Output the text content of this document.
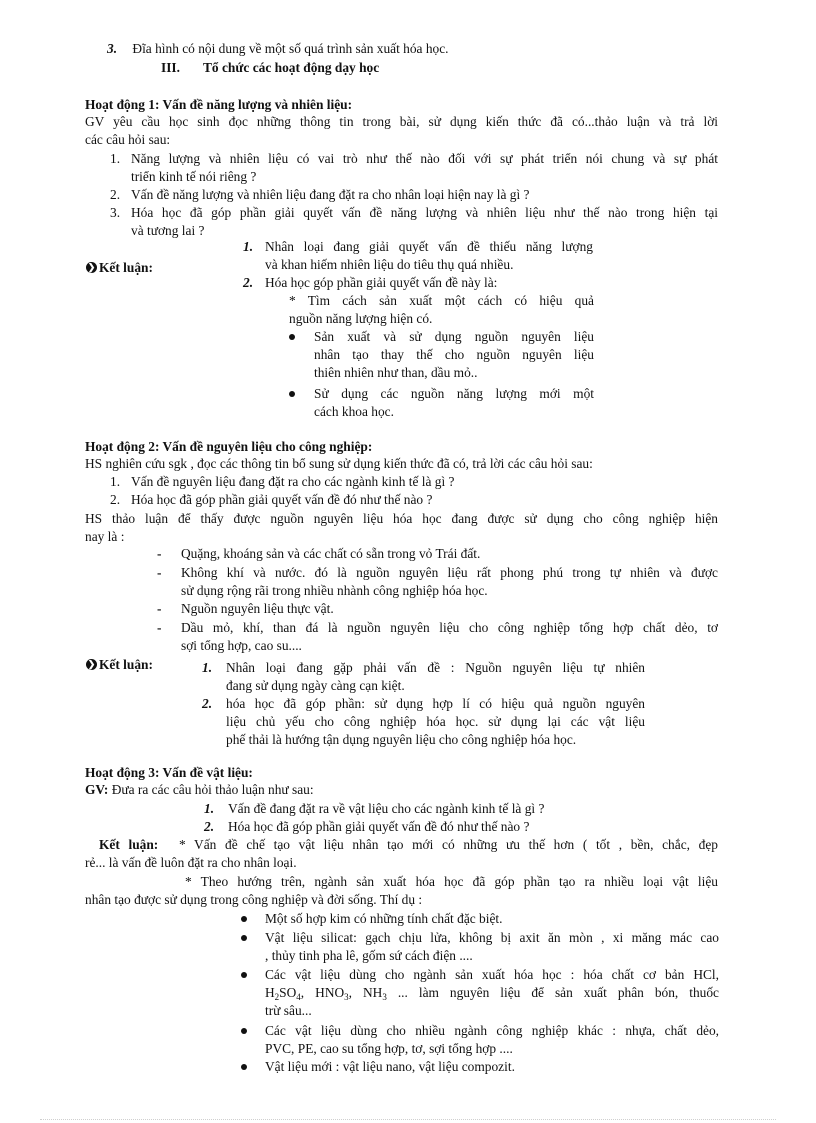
3. Đĩa hình có nội dung về một số quá trình sản xuất hóa học.
III. Tổ chức các hoạt động dạy học
Hoạt động 1: Vấn đề năng lượng và nhiên liệu:
GV yêu cầu học sinh đọc những thông tin trong bài, sử dụng kiến thức đã có...thảo luận và trả lời
các câu hỏi sau:
1. Năng lượng và nhiên liệu có vai trò như thế nào đối với sự phát triển nói chung và sự phát
triển kinh tế nói riêng ?
2. Vấn đề năng lượng và nhiên liệu đang đặt ra cho nhân loại hiện nay là gì ?
3. Hóa học đã góp phần giải quyết vấn đề năng lượng và nhiên liệu như thế nào trong hiện tại
và tương lai ?
❯ Kết luận:
1. Nhân loại đang giải quyết vấn đề thiếu năng lượng
và khan hiếm nhiên liệu do tiêu thụ quá nhiều.
2. Hóa học góp phần giải quyết vấn đề này là:
* Tìm cách sản xuất một cách có hiệu quả
nguồn năng lượng hiện có.
Sản xuất và sử dụng nguồn nguyên liệu
nhân tạo thay thế cho nguồn nguyên liệu
thiên nhiên như than, dầu mỏ..
Sử dụng các nguồn năng lượng mới một
cách khoa học.
Hoạt động 2: Vấn đề nguyên liệu cho công nghiệp:
HS nghiên cứu sgk , đọc các thông tin bổ sung sử dụng kiến thức đã có, trả lời các câu hỏi sau:
1. Vấn đề nguyên liệu đang đặt ra cho các ngành kinh tế là gì ?
2. Hóa học đã góp phần giải quyết vấn đề đó như thế nào ?
HS thảo luận để thấy được nguồn nguyên liệu hóa học đang được sử dụng cho công nghiệp hiện
nay là :
- Quặng, khoáng sản và các chất có sẵn trong vỏ Trái đất.
- Không khí và nước. đó là nguồn nguyên liệu rất phong phú trong tự nhiên và được
sử dụng rộng rãi trong nhiều nhành công nghiệp hóa học.
- Nguồn nguyên liệu thực vật.
- Dầu mỏ, khí, than đá là nguồn nguyên liệu cho công nghiệp tổng hợp chất dẻo, tơ
sợi tổng hợp, cao su....
❯ Kết luận:	1. Nhân loại đang gặp phải vấn đề : Nguồn nguyên liệu tự nhiên
đang sử dụng ngày càng cạn kiệt.
2. hóa học đã góp phần: sử dụng hợp lí có hiệu quả nguồn nguyên
liệu chủ yếu cho công nghiệp hóa học. sử dụng lại các vật liệu
phế thải là hướng tận dụng nguyên liệu cho công nghiệp hóa học.
Hoạt động 3: Vấn đề vật liệu:
GV: Đưa ra các câu hỏi thảo luận như sau:
1. Vấn đề đang đặt ra về vật liệu cho các ngành kinh tế là gì ?
2. Hóa học đã góp phần giải quyết vấn đề đó như thế nào ?
Kết luận: * Vấn đề chế tạo vật liệu nhân tạo mới có những ưu thế hơn ( tốt , bền, chắc, đẹp
rẻ... là vấn đề luôn đặt ra cho nhân loại.
* Theo hướng trên, ngành sản xuất hóa học đã góp phần tạo ra nhiều loại vật liệu
nhân tạo được sử dụng trong công nghiệp và đời sống. Thí dụ :
Một số hợp kim có những tính chất đặc biệt.
Vật liệu silicat: gạch chịu lửa, không bị axit ăn mòn , xi măng mác cao
, thủy tinh pha lê, gốm sứ cách điện ....
Các vật liệu dùng cho ngành sản xuất hóa học : hóa chất cơ bản HCl,
$H_2SO_4$, $HNO_3$, $NH_3$ ... làm nguyên liệu để sản xuất phân bón, thuốc
trừ sâu...
Các vật liệu dùng cho nhiều ngành công nghiệp khác : nhựa, chất dẻo,
PVC, PE, cao su tổng hợp, tơ, sợi tổng hợp ....
Vật liệu mới : vật liệu nano, vật liệu compozit.
